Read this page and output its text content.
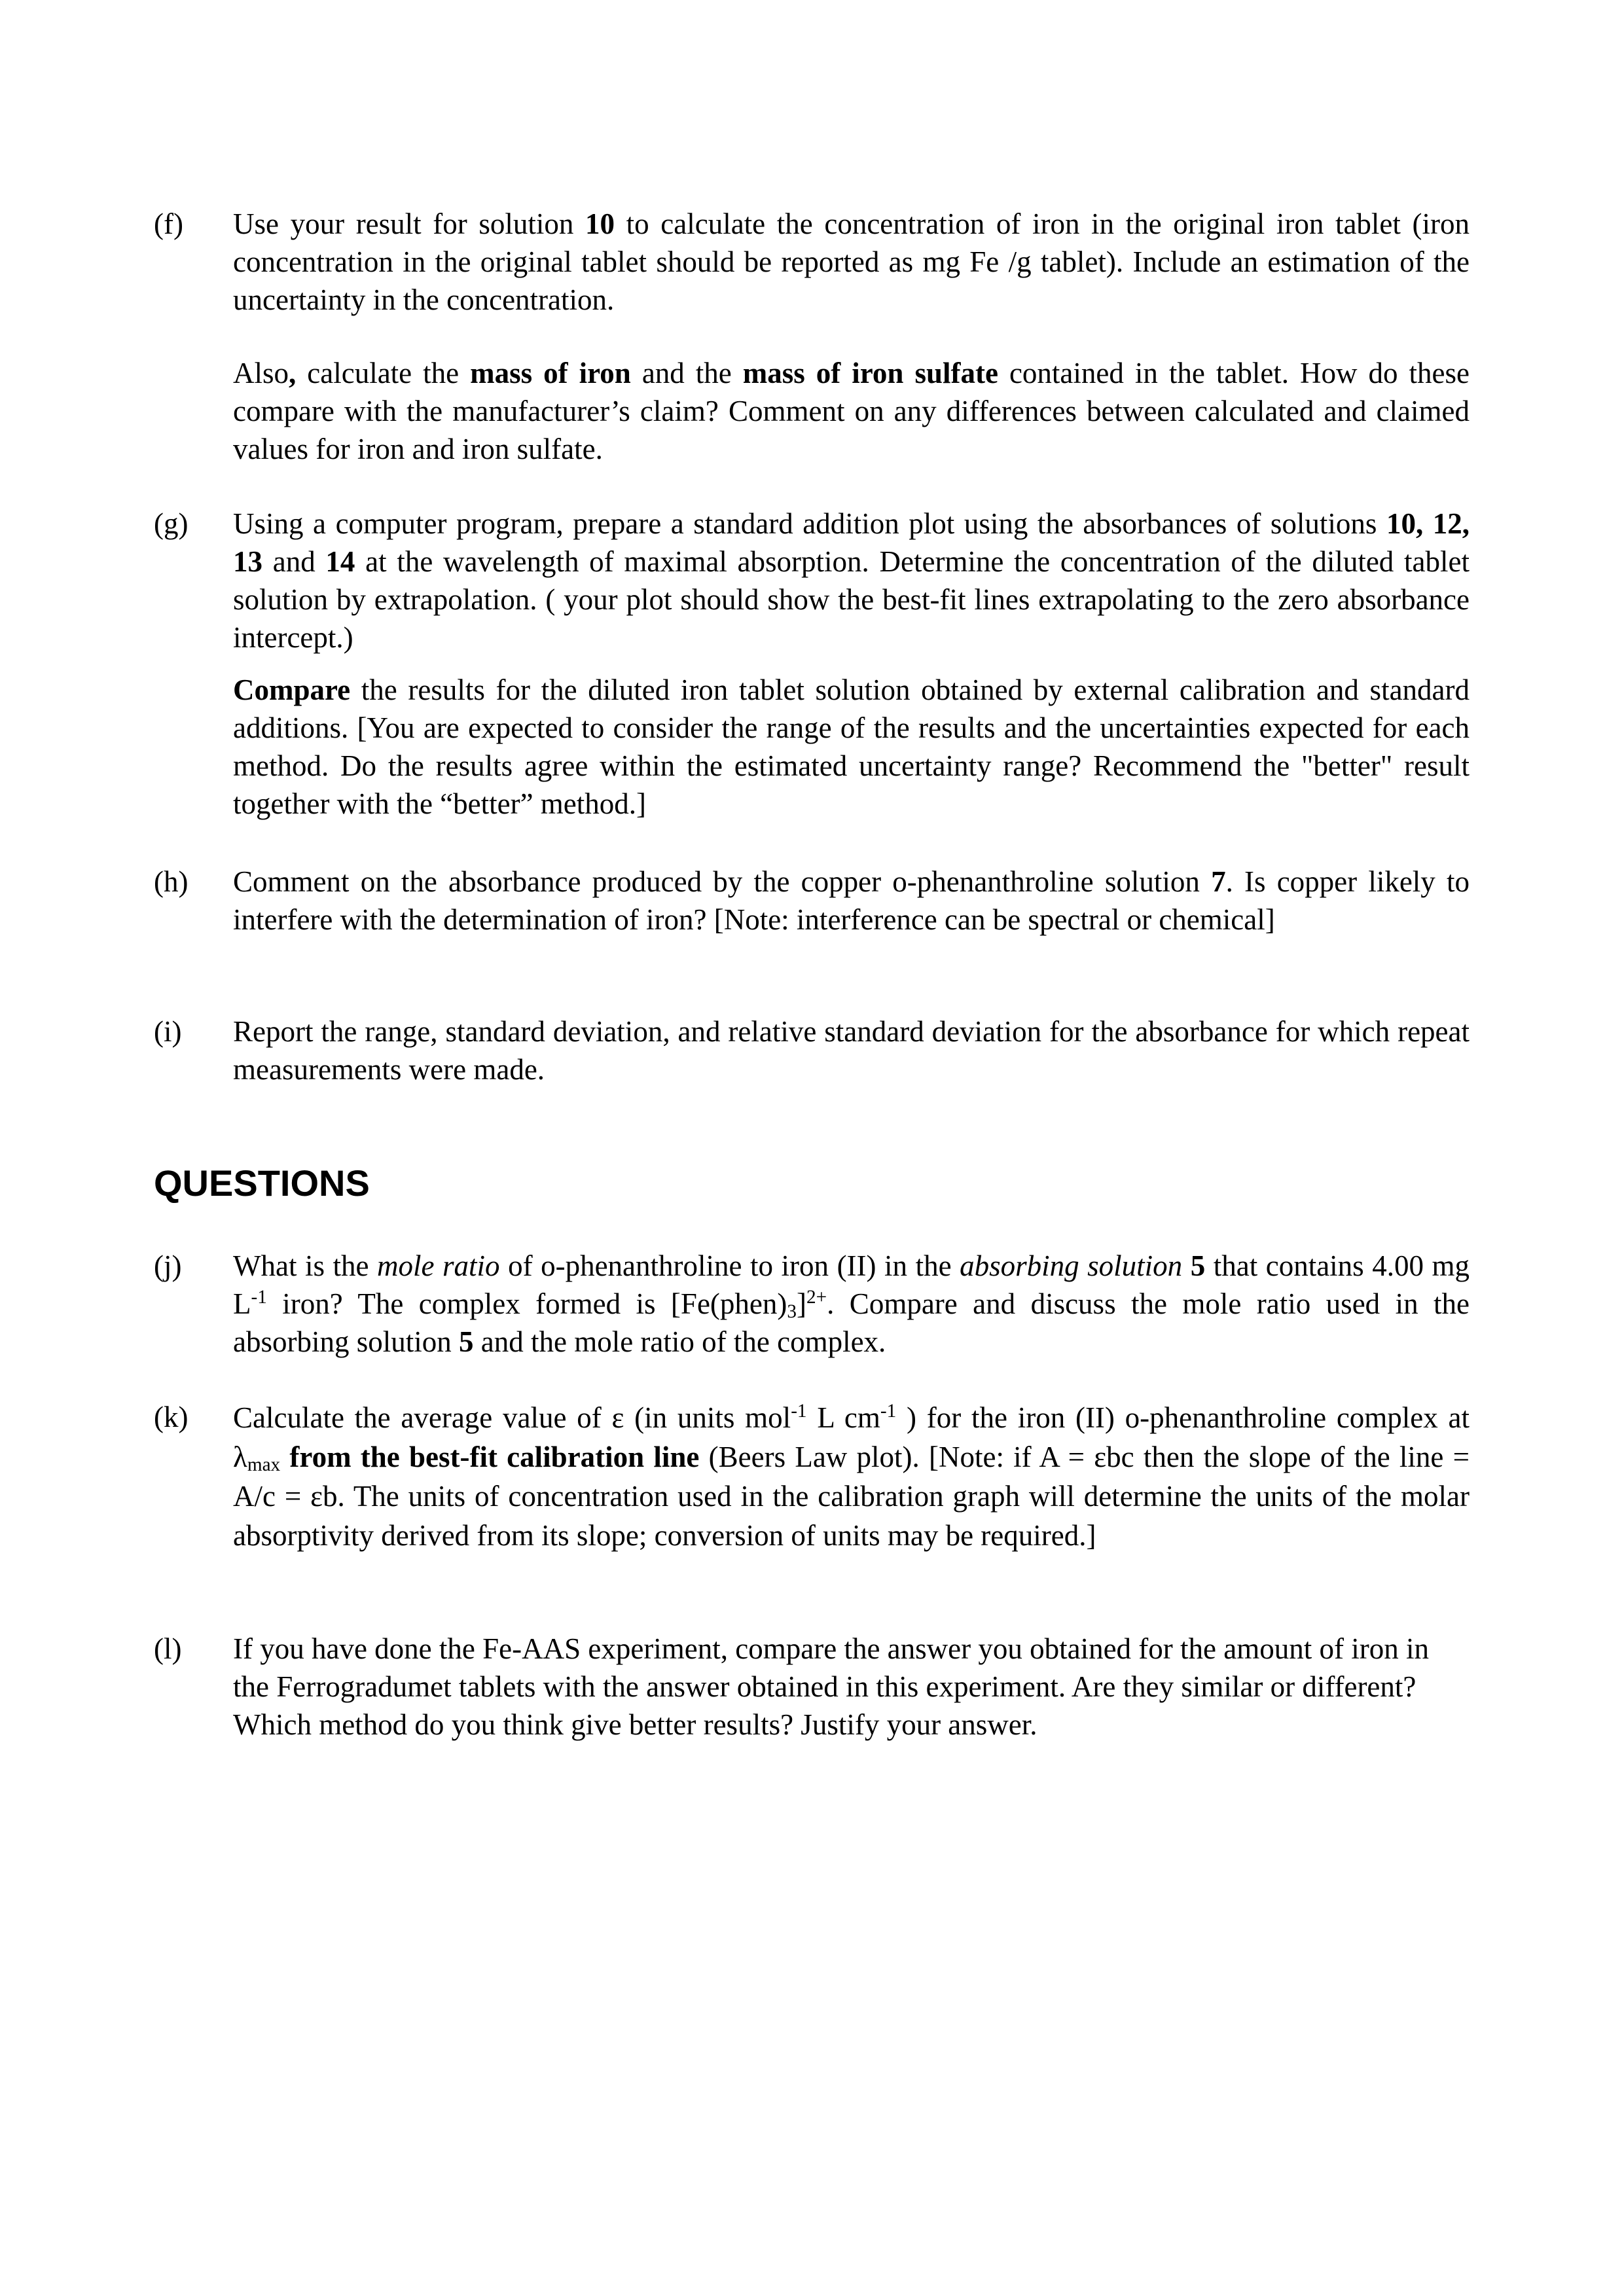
(f) Use your result for solution 10 to calculate the concentration of iron in the original iron tablet (iron concentration in the original tablet should be reported as mg Fe /g tablet). Include an estimation of the uncertainty in the concentration.

Also, calculate the mass of iron and the mass of iron sulfate contained in the tablet. How do these compare with the manufacturer’s claim? Comment on any differences between calculated and claimed values for iron and iron sulfate.

(g) Using a computer program, prepare a standard addition plot using the absorbances of solutions 10, 12, 13 and 14 at the wavelength of maximal absorption. Determine the concentration of the diluted tablet solution by extrapolation. ( your plot should show the best-fit lines extrapolating to the zero absorbance intercept.)

Compare the results for the diluted iron tablet solution obtained by external calibration and standard additions. [You are expected to consider the range of the results and the uncertainties expected for each method. Do the results agree within the estimated uncertainty range? Recommend the "better" result together with the “better” method.]

(h) Comment on the absorbance produced by the copper o-phenanthroline solution 7. Is copper likely to interfere with the determination of iron? [Note: interference can be spectral or chemical]

(i) Report the range, standard deviation, and relative standard deviation for the absorbance for which repeat measurements were made.

QUESTIONS
(j) What is the mole ratio of o-phenanthroline to iron (II) in the absorbing solution 5 that contains 4.00 mg $L^{-1}$ iron? The complex formed is $[Fe(phen)_3]^{2+}$. Compare and discuss the mole ratio used in the absorbing solution 5 and the mole ratio of the complex.

(k) Calculate the average value of ε (in units mol$^{-1}$ L $cm^{-1}$ ) for the iron (II) o-phenanthroline complex at $\lambda_{max}$ from the best-fit calibration line (Beers Law plot). [Note: if A = εbc then the slope of the line = A/c = εb. The units of concentration used in the calibration graph will determine the units of the molar absorptivity derived from its slope; conversion of units may be required.]

(l) If you have done the Fe-AAS experiment, compare the answer you obtained for the amount of iron in the Ferrogradumet tablets with the answer obtained in this experiment. Are they similar or different? Which method do you think give better results? Justify your answer.
